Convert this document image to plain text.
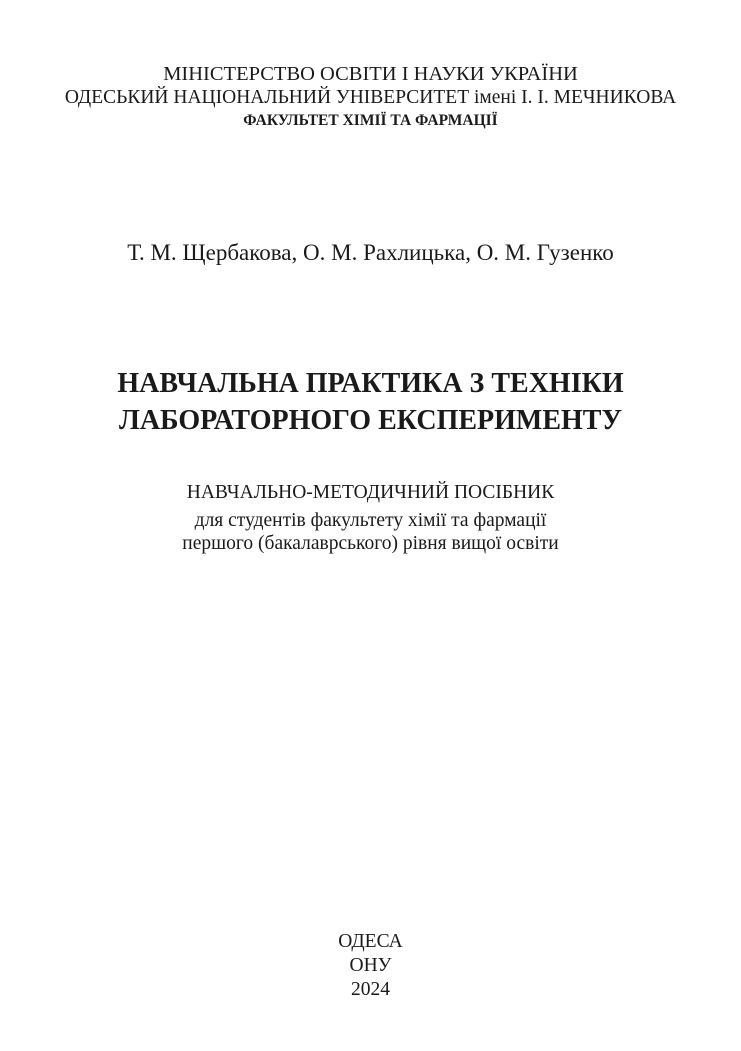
МІНІСТЕРСТВО ОСВІТИ І НАУКИ УКРАЇНИ
ОДЕСЬКИЙ НАЦІОНАЛЬНИЙ УНІВЕРСИТЕТ імені І. І. МЕЧНИКОВА
ФАКУЛЬТЕТ ХІМІЇ ТА ФАРМАЦІЇ
Т. М. Щербакова, О. М. Рахлицька, О. М. Гузенко
НАВЧАЛЬНА ПРАКТИКА З ТЕХНІКИ
ЛАБОРАТОРНОГО ЕКСПЕРИМЕНТУ
НАВЧАЛЬНО-МЕТОДИЧНИЙ ПОСІБНИК
для студентів факультету хімії та фармації
першого (бакалаврського) рівня вищої освіти
ОДЕСА
ОНУ
2024
